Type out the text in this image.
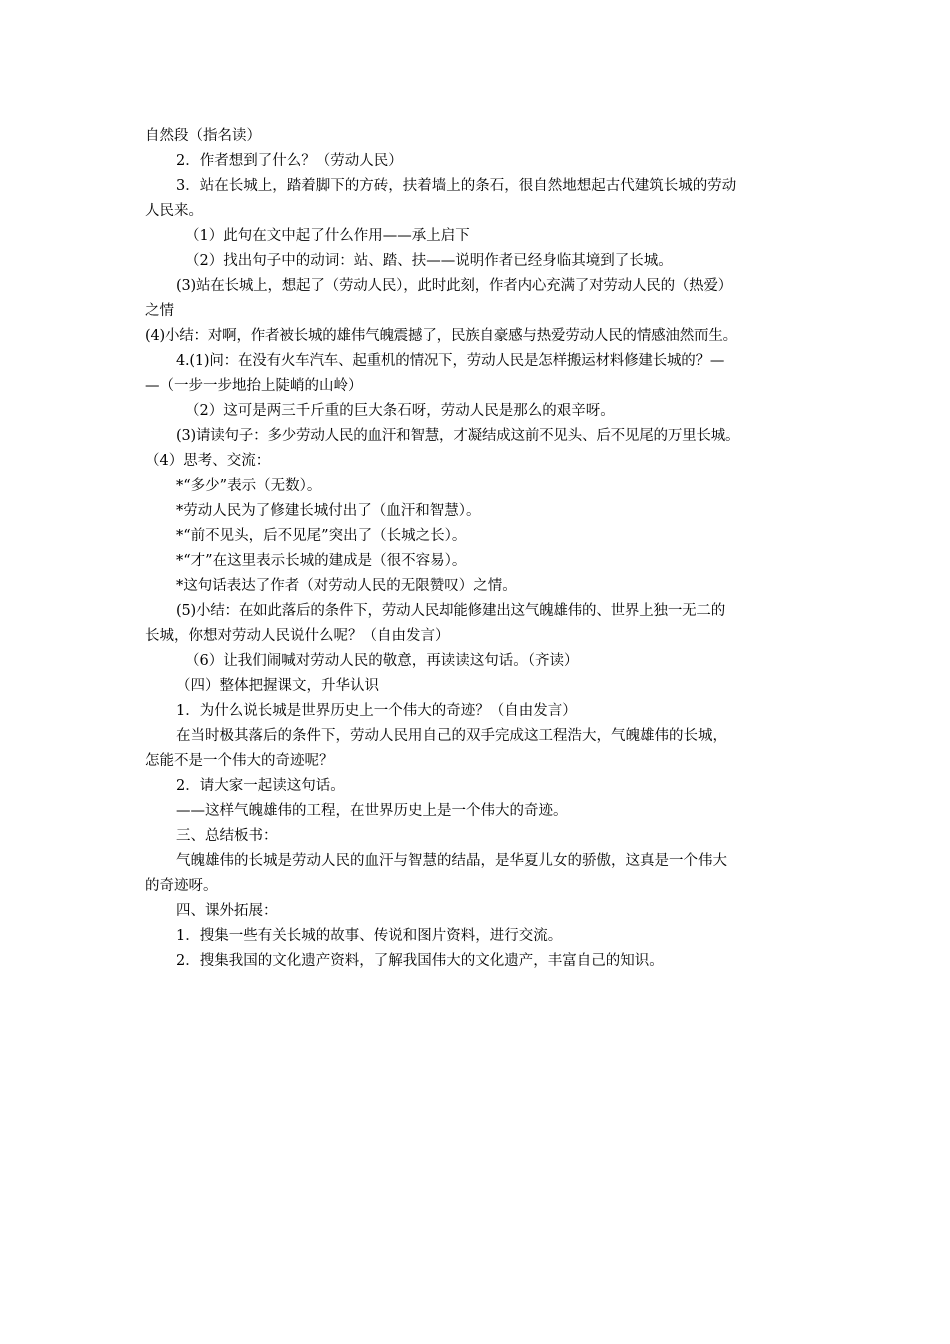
自然段（指名读）
2．作者想到了什么？（劳动人民）
3．站在长城上，踏着脚下的方砖，扶着墙上的条石，很自然地想起古代建筑长城的劳动
人民来。
（1）此句在文中起了什么作用——承上启下
（2）找出句子中的动词：站、踏、扶——说明作者已经身临其境到了长城。
(3)站在长城上，想起了（劳动人民），此时此刻，作者内心充满了对劳动人民的（热爱）
之情
(4)小结：对啊，作者被长城的雄伟气魄震撼了，民族自豪感与热爱劳动人民的情感油然而生。
4.(1)问：在没有火车汽车、起重机的情况下，劳动人民是怎样搬运材料修建长城的？—
—（一步一步地抬上陡峭的山岭）
（2）这可是两三千斤重的巨大条石呀，劳动人民是那么的艰辛呀。
(3)请读句子：多少劳动人民的血汗和智慧，才凝结成这前不见头、后不见尾的万里长城。
（4）思考、交流：
*“多少”表示（无数）。
*劳动人民为了修建长城付出了（血汗和智慧）。
*“前不见头，后不见尾”突出了（长城之长）。
*“才”在这里表示长城的建成是（很不容易）。
*这句话表达了作者（对劳动人民的无限赞叹）之情。
(5)小结：在如此落后的条件下，劳动人民却能修建出这气魄雄伟的、世界上独一无二的
长城，你想对劳动人民说什么呢？（自由发言）
（6）让我们闹喊对劳动人民的敬意，再读读这句话。（齐读）
（四）整体把握课文，升华认识
1．为什么说长城是世界历史上一个伟大的奇迹？（自由发言）
在当时极其落后的条件下，劳动人民用自己的双手完成这工程浩大，气魄雄伟的长城，
怎能不是一个伟大的奇迹呢？
2．请大家一起读这句话。
——这样气魄雄伟的工程，在世界历史上是一个伟大的奇迹。
三、总结板书：
气魄雄伟的长城是劳动人民的血汗与智慧的结晶，是华夏儿女的骄傲，这真是一个伟大
的奇迹呀。
四、课外拓展：
1．搜集一些有关长城的故事、传说和图片资料，进行交流。
2．搜集我国的文化遗产资料，了解我国伟大的文化遗产，丰富自己的知识。
